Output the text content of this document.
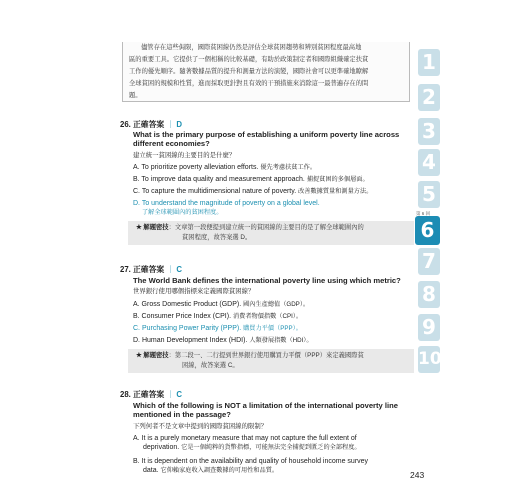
儘管存在這些侷限，國際貧困線仍然是評估全球貧困趨勢和辨別貧困程度最高地

區的重要工具。它提供了一個相稱的比較基礎，有助於政策制定者和國際組織確定扶貧

工作的優先順序。隨著數據品質的提升和測量方法的演變，國際社會可以更準確地瞭解

全球貧困的規模和性質，進而採取更針對且有效的干預措施來消除這一最普遍存在的問

題。

26. 正確答案 ｜ D
What is the primary purpose of establishing a uniform poverty line across
different economies?
建立統一貧困線的主要目的是什麼？
A. To prioritize poverty alleviation efforts. 優先考慮扶貧工作。
B. To improve data quality and measurement approach. 捕捉貧困的多個層面。
C. To capture the multidimensional nature of poverty. 改善數據質量和測量方法。
D. To understand the magnitude of poverty on a global level.
了解全球範圍內的貧困程度。
★ 解題密技：文章第一段便提到建立統一的貧困線的主要目的是了解全球範圍內的
貧困程度，故答案選 D。
27. 正確答案 ｜ C
The World Bank defines the international poverty line using which metric?
世界銀行使用哪個指標來定義國際貧困線？
A. Gross Domestic Product (GDP). 國內生產總值（GDP）。
B. Consumer Price Index (CPI). 消費者物價指數（CPI）。
C. Purchasing Power Parity (PPP). 購買力平價（PPP）。
D. Human Development Index (HDI). 人類發展指數（HDI）。
★ 解題密技：第二段一、二行提到世界銀行使用購買力平價（PPP）來定義國際貧
困線，故答案選 C。
28. 正確答案 ｜ C
Which of the following is NOT a limitation of the international poverty line
mentioned in the passage?
下列何者不是文章中提到的國際貧困線的限制？
A. It is a purely monetary measure that may not capture the full extent of
deprivation. 它是一個純粹的貨幣指標，可能無法完全捕捉到匱乏的全部程度。
B. It is dependent on the availability and quality of household income survey
data. 它仰賴家庭收入調查數據的可用性和品質。
1
2
3
4
5
第 6 回
6
7
8
9
10
243
